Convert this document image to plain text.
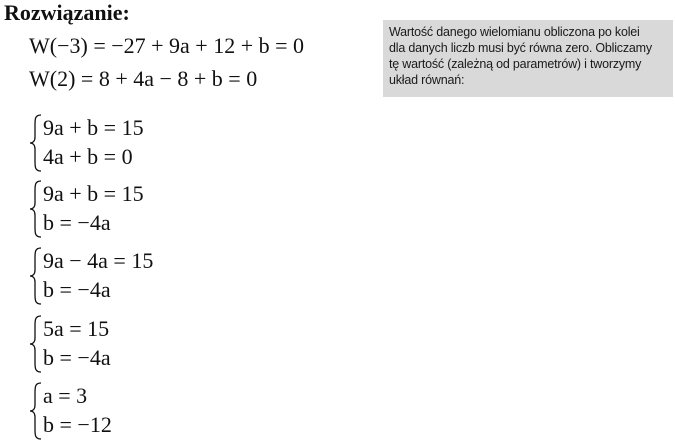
Rozwiązanie:
W(−3) = −27 + 9a + 12 + b = 0
W(2) = 8 + 4a − 8 + b = 0
Wartość danego wielomianu obliczona po kolei
dla danych liczb musi być równa zero. Obliczamy
tę wartość (zależną od parametrów) i tworzymy
układ równań:
9a + b = 15
4a + b = 0
9a + b = 15
b = −4a
9a − 4a = 15
b = −4a
5a = 15
b = −4a
a = 3
b = −12
